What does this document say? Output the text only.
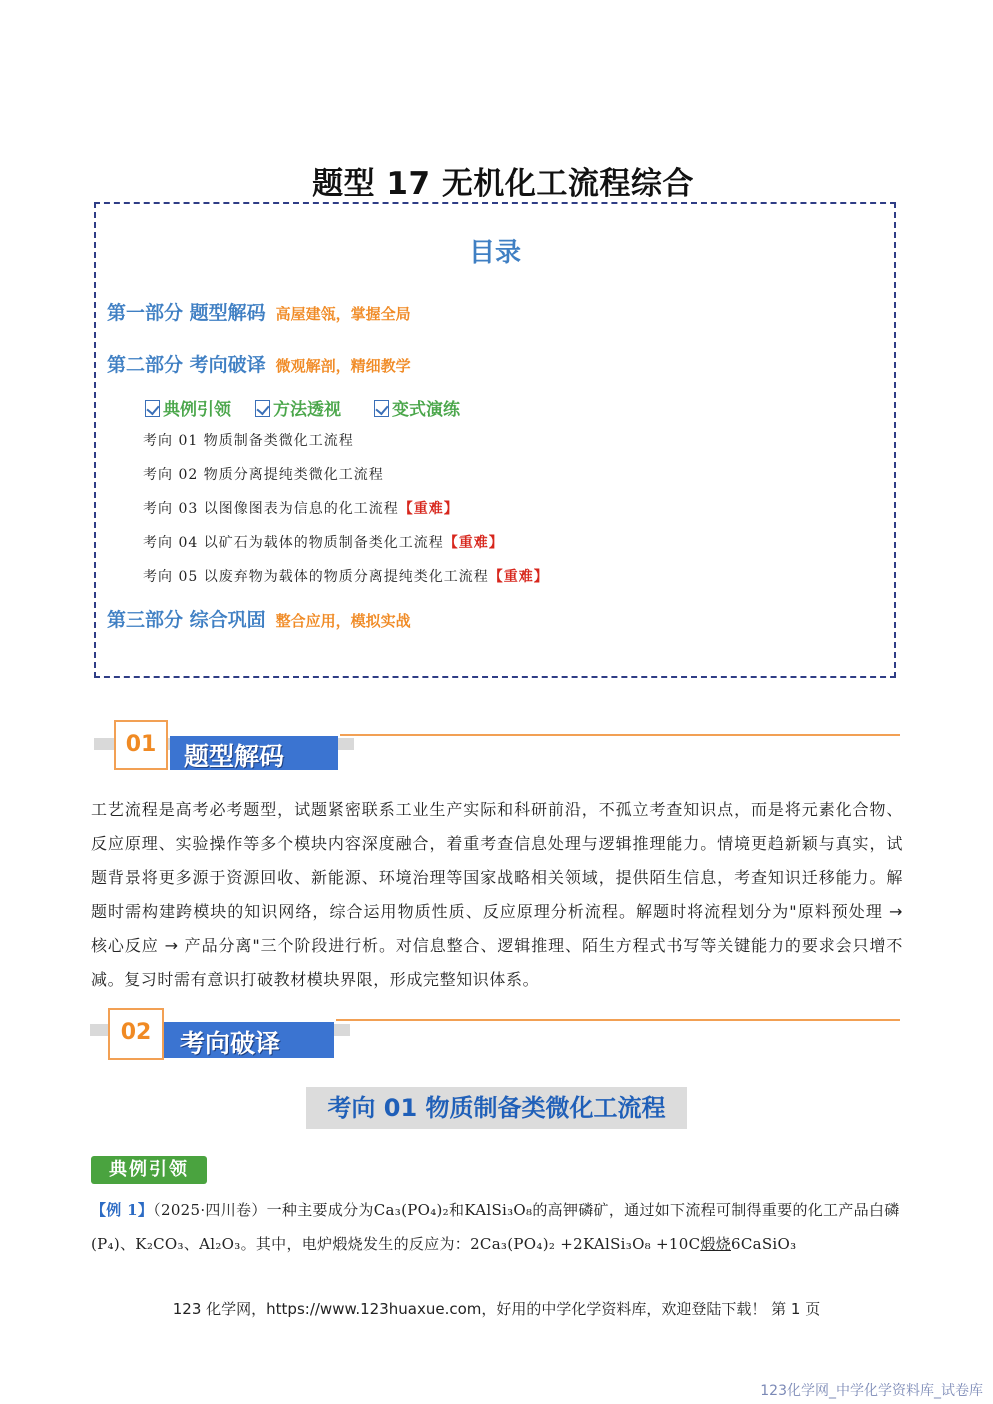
题型 17 无机化工流程综合
目录
第一部分 题型解码 高屋建瓴，掌握全局
第二部分 考向破译 微观解剖，精细教学
典例引领	方法透视	变式演练
考向 01 物质制备类微化工流程
考向 02 物质分离提纯类微化工流程
考向 03 以图像图表为信息的化工流程【重难】
考向 04 以矿石为载体的物质制备类化工流程【重难】
考向 05 以废弃物为载体的物质分离提纯类化工流程【重难】
第三部分 综合巩固 整合应用，模拟实战
题型解码
01
工艺流程是高考必考题型，试题紧密联系工业生产实际和科研前沿，不孤立考查知识点，而是将元素化合物、反应原理、实验操作等多个模块内容深度融合，着重考查信息处理与逻辑推理能力。情境更趋新颖与真实，试题背景将更多源于资源回收、新能源、环境治理等国家战略相关领域，提供陌生信息，考查知识迁移能力。解题时需构建跨模块的知识网络，综合运用物质性质、反应原理分析流程。解题时将流程划分为"原料预处理 → 核心反应 → 产品分离"三个阶段进行析。对信息整合、逻辑推理、陌生方程式书写等关键能力的要求会只增不减。复习时需有意识打破教材模块界限，形成完整知识体系。
考向破译
02
考向 01 物质制备类微化工流程
典例引领
【例 1】（2025·四川卷）一种主要成分为Ca₃(PO₄)₂和KAlSi₃O₈的高钾磷矿，通过如下流程可制得重要的化工产品白磷(P₄)、K₂CO₃、Al₂O₃。其中，电炉煅烧发生的反应为：2Ca₃(PO₄)₂ +2KAlSi₃O₈ +10C煅烧6CaSiO₃
123 化学网，https://www.123huaxue.com，好用的中学化学资料库，欢迎登陆下载！ 第 1 页
123化学网_中学化学资料库_试卷库
